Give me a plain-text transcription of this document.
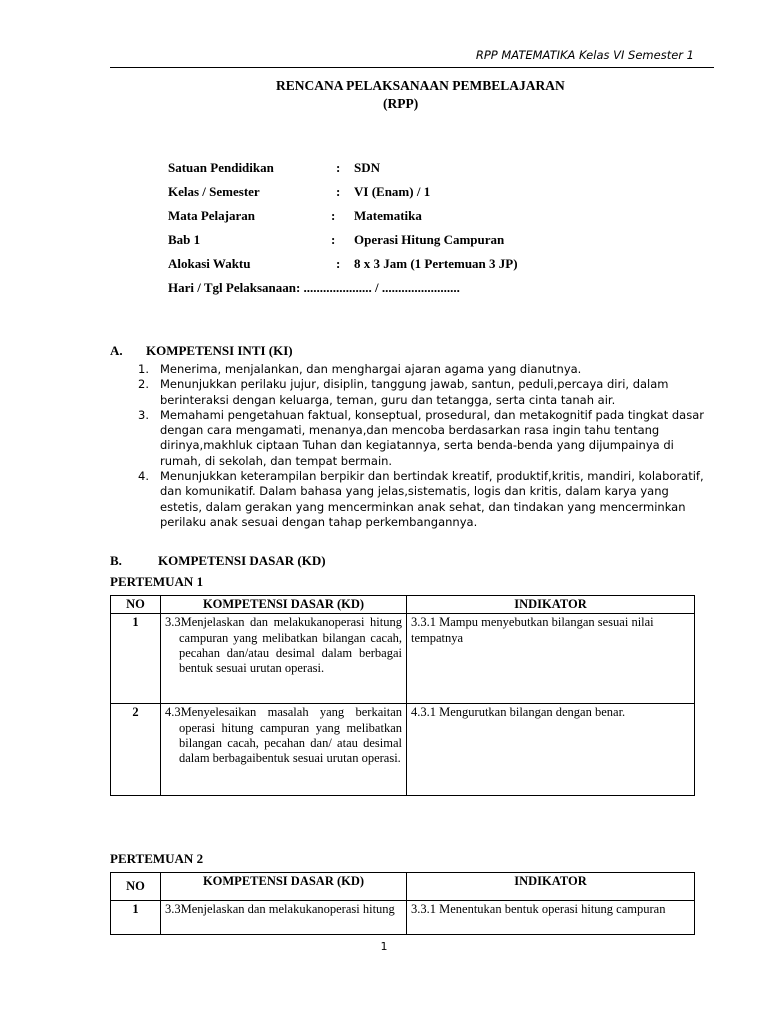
RPP MATEMATIKA Kelas VI Semester 1
RENCANA PELAKSANAAN PEMBELAJARAN
(RPP)
Satuan Pendidikan	: SDN
Kelas / Semester	: VI (Enam) / 1
Mata Pelajaran	: Matematika
Bab 1	: Operasi Hitung Campuran
Alokasi Waktu	: 8 x 3 Jam (1 Pertemuan 3 JP)
Hari / Tgl Pelaksanaan: ..................... / ........................
A. KOMPETENSI INTI (KI)
1. Menerima, menjalankan, dan menghargai ajaran agama yang dianutnya.
2. Menunjukkan perilaku jujur, disiplin, tanggung jawab, santun, peduli,percaya diri, dalam berinteraksi dengan keluarga, teman, guru dan tetangga, serta cinta tanah air.
3. Memahami pengetahuan faktual, konseptual, prosedural, dan metakognitif pada tingkat dasar dengan cara mengamati, menanya,dan mencoba berdasarkan rasa ingin tahu tentang dirinya,makhluk ciptaan Tuhan dan kegiatannya, serta benda-benda yang dijumpainya di rumah, di sekolah, dan tempat bermain.
4. Menunjukkan keterampilan berpikir dan bertindak kreatif, produktif,kritis, mandiri, kolaboratif, dan komunikatif. Dalam bahasa yang jelas,sistematis, logis dan kritis, dalam karya yang estetis, dalam gerakan yang mencerminkan anak sehat, dan tindakan yang mencerminkan perilaku anak sesuai dengan tahap perkembangannya.
B.	KOMPETENSI DASAR (KD)
PERTEMUAN 1
NO	KOMPETENSI DASAR (KD)	INDIKATOR
1	3.3Menjelaskan dan melakukanoperasi hitung campuran yang melibatkan bilangan cacah, pecahan dan/atau desimal dalam berbagai bentuk sesuai urutan operasi.	3.3.1 Mampu menyebutkan bilangan sesuai nilai tempatnya
2	4.3Menyelesaikan masalah yang berkaitan operasi hitung campuran yang melibatkan bilangan cacah, pecahan dan/ atau desimal dalam berbagaibentuk sesuai urutan operasi.	4.3.1 Mengurutkan bilangan dengan benar.
PERTEMUAN 2
NO	KOMPETENSI DASAR (KD)	INDIKATOR
1	3.3Menjelaskan dan melakukanoperasi hitung	3.3.1 Menentukan bentuk operasi hitung campuran
1
